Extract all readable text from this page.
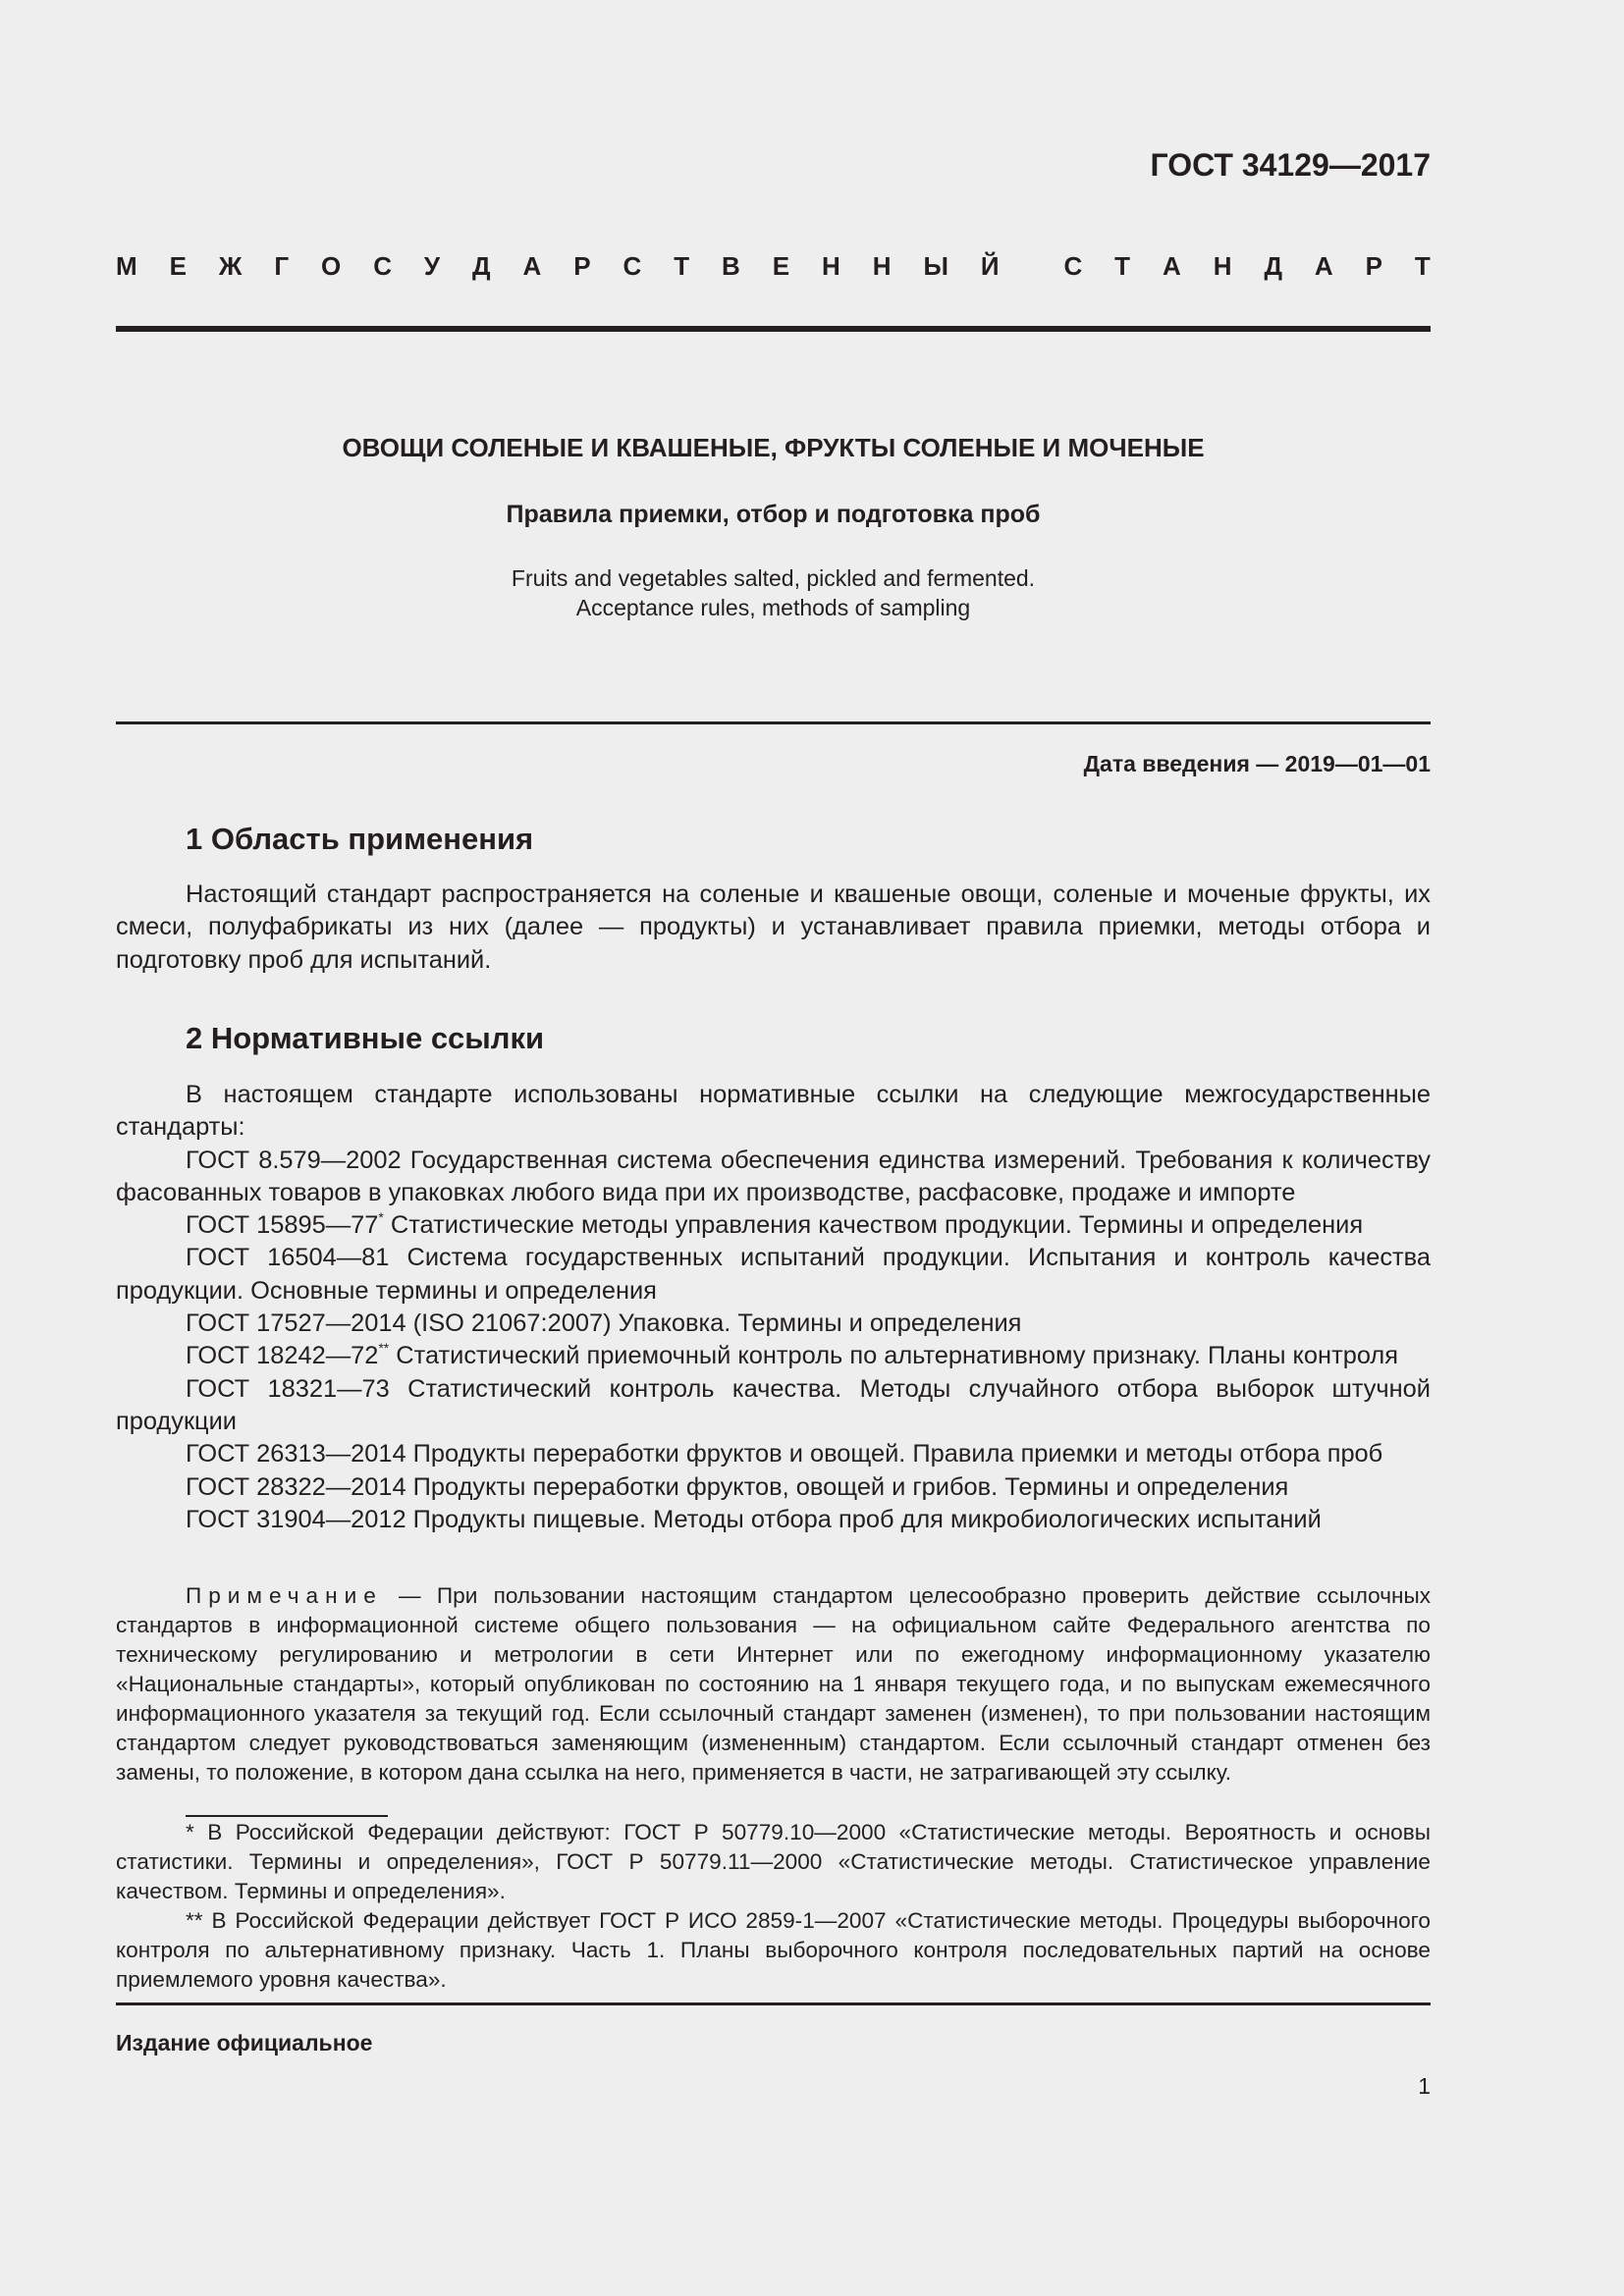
ГОСТ 34129—2017
М Е Ж Г О С У Д А Р С Т В Е Н Н Ы Й	С Т А Н Д А Р Т
ОВОЩИ СОЛЕНЫЕ И КВАШЕНЫЕ, ФРУКТЫ СОЛЕНЫЕ И МОЧЕНЫЕ
Правила приемки, отбор и подготовка проб
Fruits and vegetables salted, pickled and fermented.
Acceptance rules, methods of sampling
Дата введения — 2019—01—01
1 Область применения

Настоящий стандарт распространяется на соленые и квашеные овощи, соленые и моченые фрукты, их смеси, полуфабрикаты из них (далее — продукты) и устанавливает правила приемки, методы отбора и подготовку проб для испытаний.

2 Нормативные ссылки

В настоящем стандарте использованы нормативные ссылки на следующие межгосударственные стандарты:

ГОСТ 8.579—2002 Государственная система обеспечения единства измерений. Требования к количеству фасованных товаров в упаковках любого вида при их производстве, расфасовке, продаже и импорте

ГОСТ 15895—77* Статистические методы управления качеством продукции. Термины и определения

ГОСТ 16504—81 Система государственных испытаний продукции. Испытания и контроль качества продукции. Основные термины и определения

ГОСТ 17527—2014 (ISO 21067:2007) Упаковка. Термины и определения

ГОСТ 18242—72** Статистический приемочный контроль по альтернативному признаку. Планы контроля

ГОСТ 18321—73 Статистический контроль качества. Методы случайного отбора выборок штучной продукции

ГОСТ 26313—2014 Продукты переработки фруктов и овощей. Правила приемки и методы отбора проб

ГОСТ 28322—2014 Продукты переработки фруктов, овощей и грибов. Термины и определения

ГОСТ 31904—2012 Продукты пищевые. Методы отбора проб для микробиологических испытаний

Примечание — При пользовании настоящим стандартом целесообразно проверить действие ссылочных стандартов в информационной системе общего пользования — на официальном сайте Федерального агентства по техническому регулированию и метрологии в сети Интернет или по ежегодному информационному указателю «Национальные стандарты», который опубликован по состоянию на 1 января текущего года, и по выпускам ежемесячного информационного указателя за текущий год. Если ссылочный стандарт заменен (изменен), то при пользовании настоящим стандартом следует руководствоваться заменяющим (измененным) стандартом. Если ссылочный стандарт отменен без замены, то положение, в котором дана ссылка на него, применяется в части, не затрагивающей эту ссылку.

* В Российской Федерации действуют: ГОСТ Р 50779.10—2000 «Статистические методы. Вероятность и основы статистики. Термины и определения», ГОСТ Р 50779.11—2000 «Статистические методы. Статистическое управление качеством. Термины и определения».

** В Российской Федерации действует ГОСТ Р ИСО 2859-1—2007 «Статистические методы. Процедуры выборочного контроля по альтернативному признаку. Часть 1. Планы выборочного контроля последовательных партий на основе приемлемого уровня качества».

Издание официальное
1
